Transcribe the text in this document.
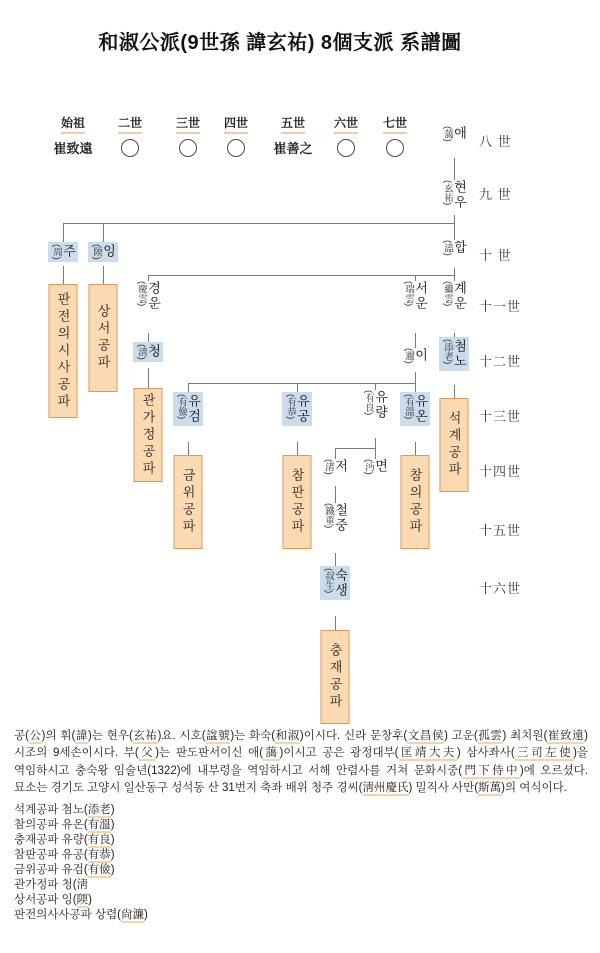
和淑公派(9世孫 諱玄祐) 8個支派 系譜圖
始祖
崔致遠
二世	三世 四世	五世
崔善之
六世 七世
八 世
九 世
十 世
十一世
十二世
十三世
十四世
十五世
十六世
(藹) 애
(玄祐) 현우
(溘) 합
(慶雲) 경운	(瑞雲) 서운 (繼雲) 계운
(邇) 이
(有良) 유량
(渚) 저 (沔) 면
(鐵重) 철중
(周) 주 (陾) 잉
(淸) 청	(添老) 첨노
(有儉) 유검	(有恭) 유공	(有溫) 유온
(叔生) 숙생
판전의시사공파 상서공파
관가정공파
금위공파	참판공파	참의공파
석계공파
충재공파

공(公)의 휘(諱)는 현우(玄祐)요. 시호(諡號)는 화숙(和淑)이시다. 신라 문창후(文昌侯) 고운(孤雲) 최치원(崔致遠) 시조의 9세손이시다. 부(父)는 판도판서이신 애(藹)이시고 공은 광정대부(匡靖大夫) 삼사좌사(三司左使)을 역임하시고 충숙왕 임술년(1322)에 내부령을 역임하시고 서해 안렴사를 거쳐 문화시중(門下侍中)에 오르셨다. 묘소는 경기도 고양시 일산동구 성석동 산 31번지 축좌 배위 청주 경씨(淸州慶氏) 밀직사 사만(斯萬)의 여식이다.

석계공파 첨노(添老)
참의공파 유온(有溫)
충재공파 유량(有良)
참판공파 유공(有恭)
금위공파 유검(有儉)
관가정파 청(淸
상서공파 잉(陾)
판전의사사공파 상렴(尙濂)
